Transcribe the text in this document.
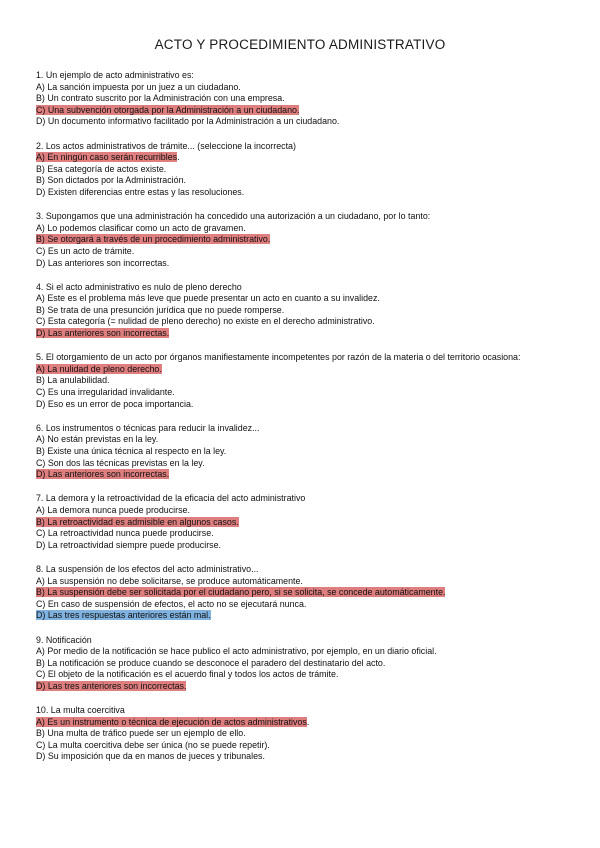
ACTO Y PROCEDIMIENTO ADMINISTRATIVO
1. Un ejemplo de acto administrativo es:
A) La sanción impuesta por un juez a un ciudadano.
B) Un contrato suscrito por la Administración con una empresa.
C) Una subvención otorgada por la Administración a un ciudadano.
D) Un documento informativo facilitado por la Administración a un ciudadano.
2. Los actos administrativos de trámite... (seleccione la incorrecta)
A) En ningún caso serán recurribles.
B) Esa categoría de actos existe.
B) Son dictados por la Administración.
D) Existen diferencias entre estas y las resoluciones.
3. Supongamos que una administración ha concedido una autorización a un ciudadano, por lo tanto:
A) Lo podemos clasificar como un acto de gravamen.
B) Se otorgará a través de un procedimiento administrativo.
C) Es un acto de trámite.
D) Las anteriores son incorrectas.
4. Si el acto administrativo es nulo de pleno derecho
A) Este es el problema más leve que puede presentar un acto en cuanto a su invalidez.
B) Se trata de una presunción jurídica que no puede romperse.
C) Esta categoría (= nulidad de pleno derecho) no existe en el derecho administrativo.
D) Las anteriores son incorrectas.
5. El otorgamiento de un acto por órganos manifiestamente incompetentes por razón de la materia o del territorio ocasiona:
A) La nulidad de pleno derecho.
B) La anulabilidad.
C) Es una irregularidad invalidante.
D) Eso es un error de poca importancia.
6. Los instrumentos o técnicas para reducir la invalidez...
A) No están previstas en la ley.
B) Existe una única técnica al respecto en la ley.
C) Son dos las técnicas previstas en la ley.
D) Las anteriores son incorrectas.
7. La demora y la retroactividad de la eficacia del acto administrativo
A) La demora nunca puede producirse.
B) La retroactividad es admisible en algunos casos.
C) La retroactividad nunca puede producirse.
D) La retroactividad siempre puede producirse.
8. La suspensión de los efectos del acto administrativo...
A) La suspensión no debe solicitarse, se produce automáticamente.
B) La suspensión debe ser solicitada por el ciudadano pero, si se solicita, se concede automáticamente.
C) En caso de suspensión de efectos, el acto no se ejecutará nunca.
D) Las tres respuestas anteriores están mal.
9. Notificación
A) Por medio de la notificación se hace publico el acto administrativo, por ejemplo, en un diario oficial.
B) La notificación se produce cuando se desconoce el paradero del destinatario del acto.
C) El objeto de la notificación es el acuerdo final y todos los actos de trámite.
D) Las tres anteriores son incorrectas.
10. La multa coercitiva
A) Es un instrumento o técnica de ejecución de actos administrativos.
B) Una multa de tráfico puede ser un ejemplo de ello.
C) La multa coercitiva debe ser única (no se puede repetir).
D) Su imposición que da en manos de jueces y tribunales.
